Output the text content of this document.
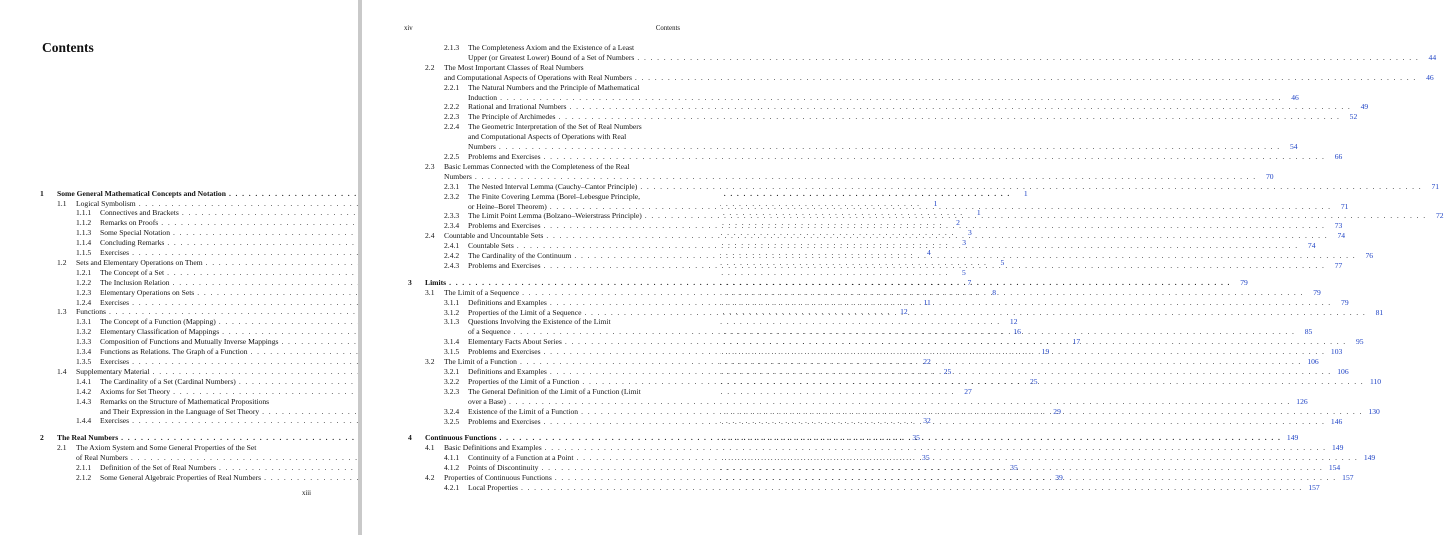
Contents
1	Some General Mathematical Concepts and Notation . . .	1
1.1	Logical Symbolism . . .	1
1.1.1	Connectives and Brackets . . .	1
1.1.2	Remarks on Proofs . . .	2
1.1.3	Some Special Notation . . .	3
1.1.4	Concluding Remarks . . .	3
1.1.5	Exercises . . .	4
1.2	Sets and Elementary Operations on Them . . .	5
1.2.1	The Concept of a Set . . .	5
1.2.2	The Inclusion Relation . . .	7
1.2.3	Elementary Operations on Sets . . .	8
1.2.4	Exercises . . .	11
1.3	Functions . . .	12
1.3.1	The Concept of a Function (Mapping) . . .	12
1.3.2	Elementary Classification of Mappings . . .	16
1.3.3	Composition of Functions and Mutually Inverse Mappings . . .	17
1.3.4	Functions as Relations. The Graph of a Function . . .	19
1.3.5	Exercises . . .	22
1.4	Supplementary Material . . .	25
1.4.1	The Cardinality of a Set (Cardinal Numbers) . . .	25
1.4.2	Axioms for Set Theory . . .	27
1.4.3	Remarks on the Structure of Mathematical Propositions
and Their Expression in the Language of Set Theory . . .	29
1.4.4	Exercises . . .	32
2	The Real Numbers . . .	35
2.1	The Axiom System and Some General Properties of the Set
of Real Numbers . . .	35
2.1.1	Definition of the Set of Real Numbers . . .	35
2.1.2	Some General Algebraic Properties of Real Numbers . . .	39
xiii
xiv	Contents
2.1.3	The Completeness Axiom and the Existence of a Least
Upper (or Greatest Lower) Bound of a Set of Numbers . . .	44
2.2	The Most Important Classes of Real Numbers
and Computational Aspects of Operations with Real Numbers . . .	46
2.2.1	The Natural Numbers and the Principle of Mathematical
Induction . . .	46
2.2.2	Rational and Irrational Numbers . . .	49
2.2.3	The Principle of Archimedes . . .	52
2.2.4	The Geometric Interpretation of the Set of Real Numbers
and Computational Aspects of Operations with Real
Numbers . . .	54
2.2.5	Problems and Exercises . . .	66
2.3	Basic Lemmas Connected with the Completeness of the Real
Numbers . . .	70
2.3.1	The Nested Interval Lemma (Cauchy–Cantor Principle) . . .	71
2.3.2	The Finite Covering Lemma (Borel–Lebesgue Principle,
or Heine–Borel Theorem) . . .	71
2.3.3	The Limit Point Lemma (Bolzano–Weierstrass Principle) . . .	72
2.3.4	Problems and Exercises . . .	73
2.4	Countable and Uncountable Sets . . .	74
2.4.1	Countable Sets . . .	74
2.4.2	The Cardinality of the Continuum . . .	76
2.4.3	Problems and Exercises . . .	77
3	Limits . . .	79
3.1	The Limit of a Sequence . . .	79
3.1.1	Definitions and Examples . . .	79
3.1.2	Properties of the Limit of a Sequence . . .	81
3.1.3	Questions Involving the Existence of the Limit
of a Sequence . . .	85
3.1.4	Elementary Facts About Series . . .	95
3.1.5	Problems and Exercises . . .	103
3.2	The Limit of a Function . . .	106
3.2.1	Definitions and Examples . . .	106
3.2.2	Properties of the Limit of a Function . . .	110
3.2.3	The General Definition of the Limit of a Function (Limit
over a Base) . . .	126
3.2.4	Existence of the Limit of a Function . . .	130
3.2.5	Problems and Exercises . . .	146
4	Continuous Functions . . .	149
4.1	Basic Definitions and Examples . . .	149
4.1.1	Continuity of a Function at a Point . . .	149
4.1.2	Points of Discontinuity . . .	154
4.2	Properties of Continuous Functions . . .	157
4.2.1	Local Properties . . .	157
